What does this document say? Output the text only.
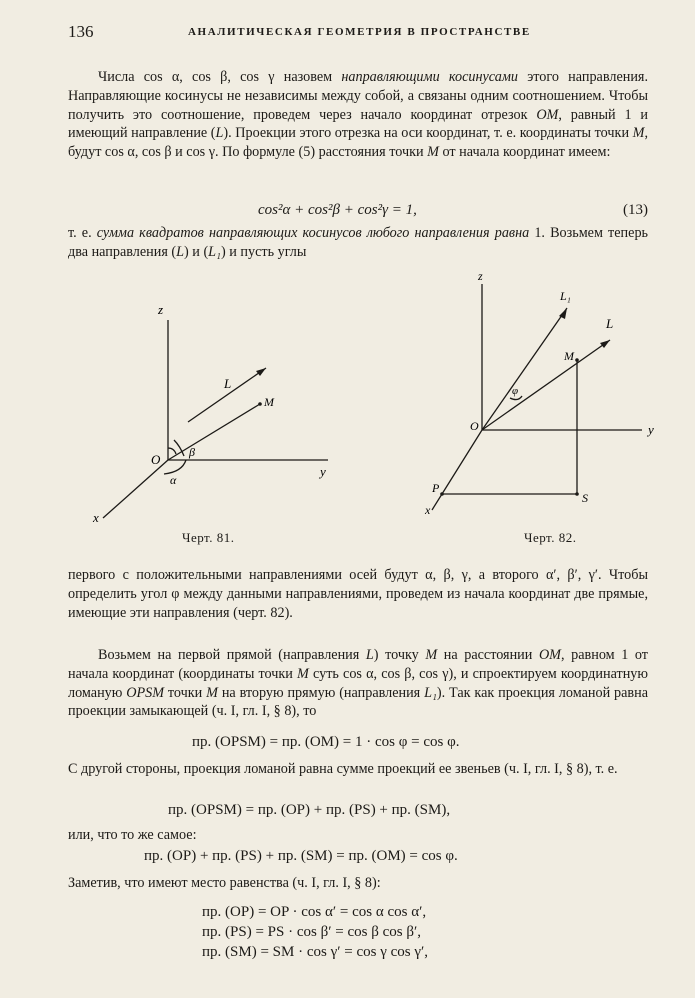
136	АНАЛИТИЧЕСКАЯ ГЕОМЕТРИЯ В ПРОСТРАНСТВЕ

Числа cos α, cos β, cos γ назовем направляющими косинусами этого направления. Направляющие косинусы не независимы между собой, а связаны одним соотношением. Чтобы получить это соотношение, проведем через начало координат отрезок OM, равный 1 и имеющий направление (L). Проекции этого отрезка на оси координат, т. е. координаты точки M, будут cos α, cos β и cos γ. По формуле (5) расстояния точки M от начала координат имеем:

cos²α + cos²β + cos²γ = 1,	(13)

т. е. сумма квадратов направляющих косинусов любого направления равна 1. Возьмем теперь два направления (L) и (L₁) и пусть углы

z
y
x
O
L
M
β
α
Черт. 81.
z
y
x
O
L₁
L
M
φ
P
S
Черт. 82.

первого с положительными направлениями осей будут α, β, γ, а второго α′, β′, γ′. Чтобы определить угол φ между данными направлениями, проведем из начала координат две прямые, имеющие эти направления (черт. 82).

Возьмем на первой прямой (направления L) точку M на расстоянии OM, равном 1 от начала координат (координаты точки M суть cos α, cos β, cos γ), и спроектируем координатную ломаную OPSM точки M на вторую прямую (направления L₁). Так как проекция ломаной равна проекции замыкающей (ч. I, гл. I, § 8), то

пр. (OPSM) = пр. (OM) = 1 · cos φ = cos φ.

С другой стороны, проекция ломаной равна сумме проекций ее звеньев (ч. I, гл. I, § 8), т. е.

пр. (OPSM) = пр. (OP) + пр. (PS) + пр. (SM),

или, что то же самое:

пр. (OP) + пр. (PS) + пр. (SM) = пр. (OM) = cos φ.

Заметив, что имеют место равенства (ч. I, гл. I, § 8):

пр. (OP) = OP · cos α′ = cos α cos α′,
пр. (PS) = PS · cos β′ = cos β cos β′,
пр. (SM) = SM · cos γ′ = cos γ cos γ′,
